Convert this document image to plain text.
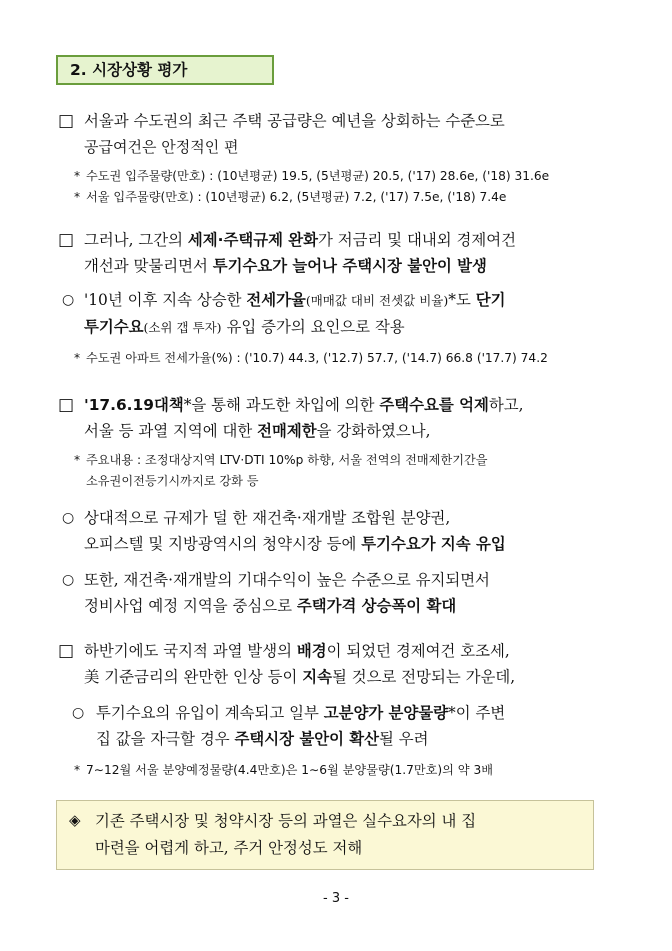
2. 시장상황 평가
□ 서울과 수도권의 최근 주택 공급량은 예년을 상회하는 수준으로
공급여건은 안정적인 편
* 수도권 입주물량(만호) : (10년평균) 19.5, (5년평균) 20.5, ('17) 28.6e, ('18) 31.6e
* 서울 입주물량(만호) : (10년평균) 6.2, (5년평균) 7.2, ('17) 7.5e, ('18) 7.4e
□ 그러나, 그간의 세제·주택규제 완화가 저금리 및 대내외 경제여건
개선과 맞물리면서 투기수요가 늘어나 주택시장 불안이 발생
○ '10년 이후 지속 상승한 전세가율(매매값 대비 전셋값 비율)*도 단기
투기수요(소위 갭 투자) 유입 증가의 요인으로 작용
* 수도권 아파트 전세가율(%) : ('10.7) 44.3, ('12.7) 57.7, ('14.7) 66.8 ('17.7) 74.2
□ '17.6.19대책*을 통해 과도한 차입에 의한 주택수요를 억제하고,
서울 등 과열 지역에 대한 전매제한을 강화하였으나,
* 주요내용 : 조정대상지역 LTV·DTI 10%p 하향, 서울 전역의 전매제한기간을
소유권이전등기시까지로 강화 등
○ 상대적으로 규제가 덜 한 재건축·재개발 조합원 분양권,
오피스텔 및 지방광역시의 청약시장 등에 투기수요가 지속 유입
○ 또한, 재건축·재개발의 기대수익이 높은 수준으로 유지되면서
정비사업 예정 지역을 중심으로 주택가격 상승폭이 확대
□ 하반기에도 국지적 과열 발생의 배경이 되었던 경제여건 호조세,
美 기준금리의 완만한 인상 등이 지속될 것으로 전망되는 가운데,
○ 투기수요의 유입이 계속되고 일부 고분양가 분양물량*이 주변
집 값을 자극할 경우 주택시장 불안이 확산될 우려
* 7∼12월 서울 분양예정물량(4.4만호)은 1∼6월 분양물량(1.7만호)의 약 3배
◈ 기존 주택시장 및 청약시장 등의 과열은 실수요자의 내 집
마련을 어렵게 하고, 주거 안정성도 저해
- 3 -
